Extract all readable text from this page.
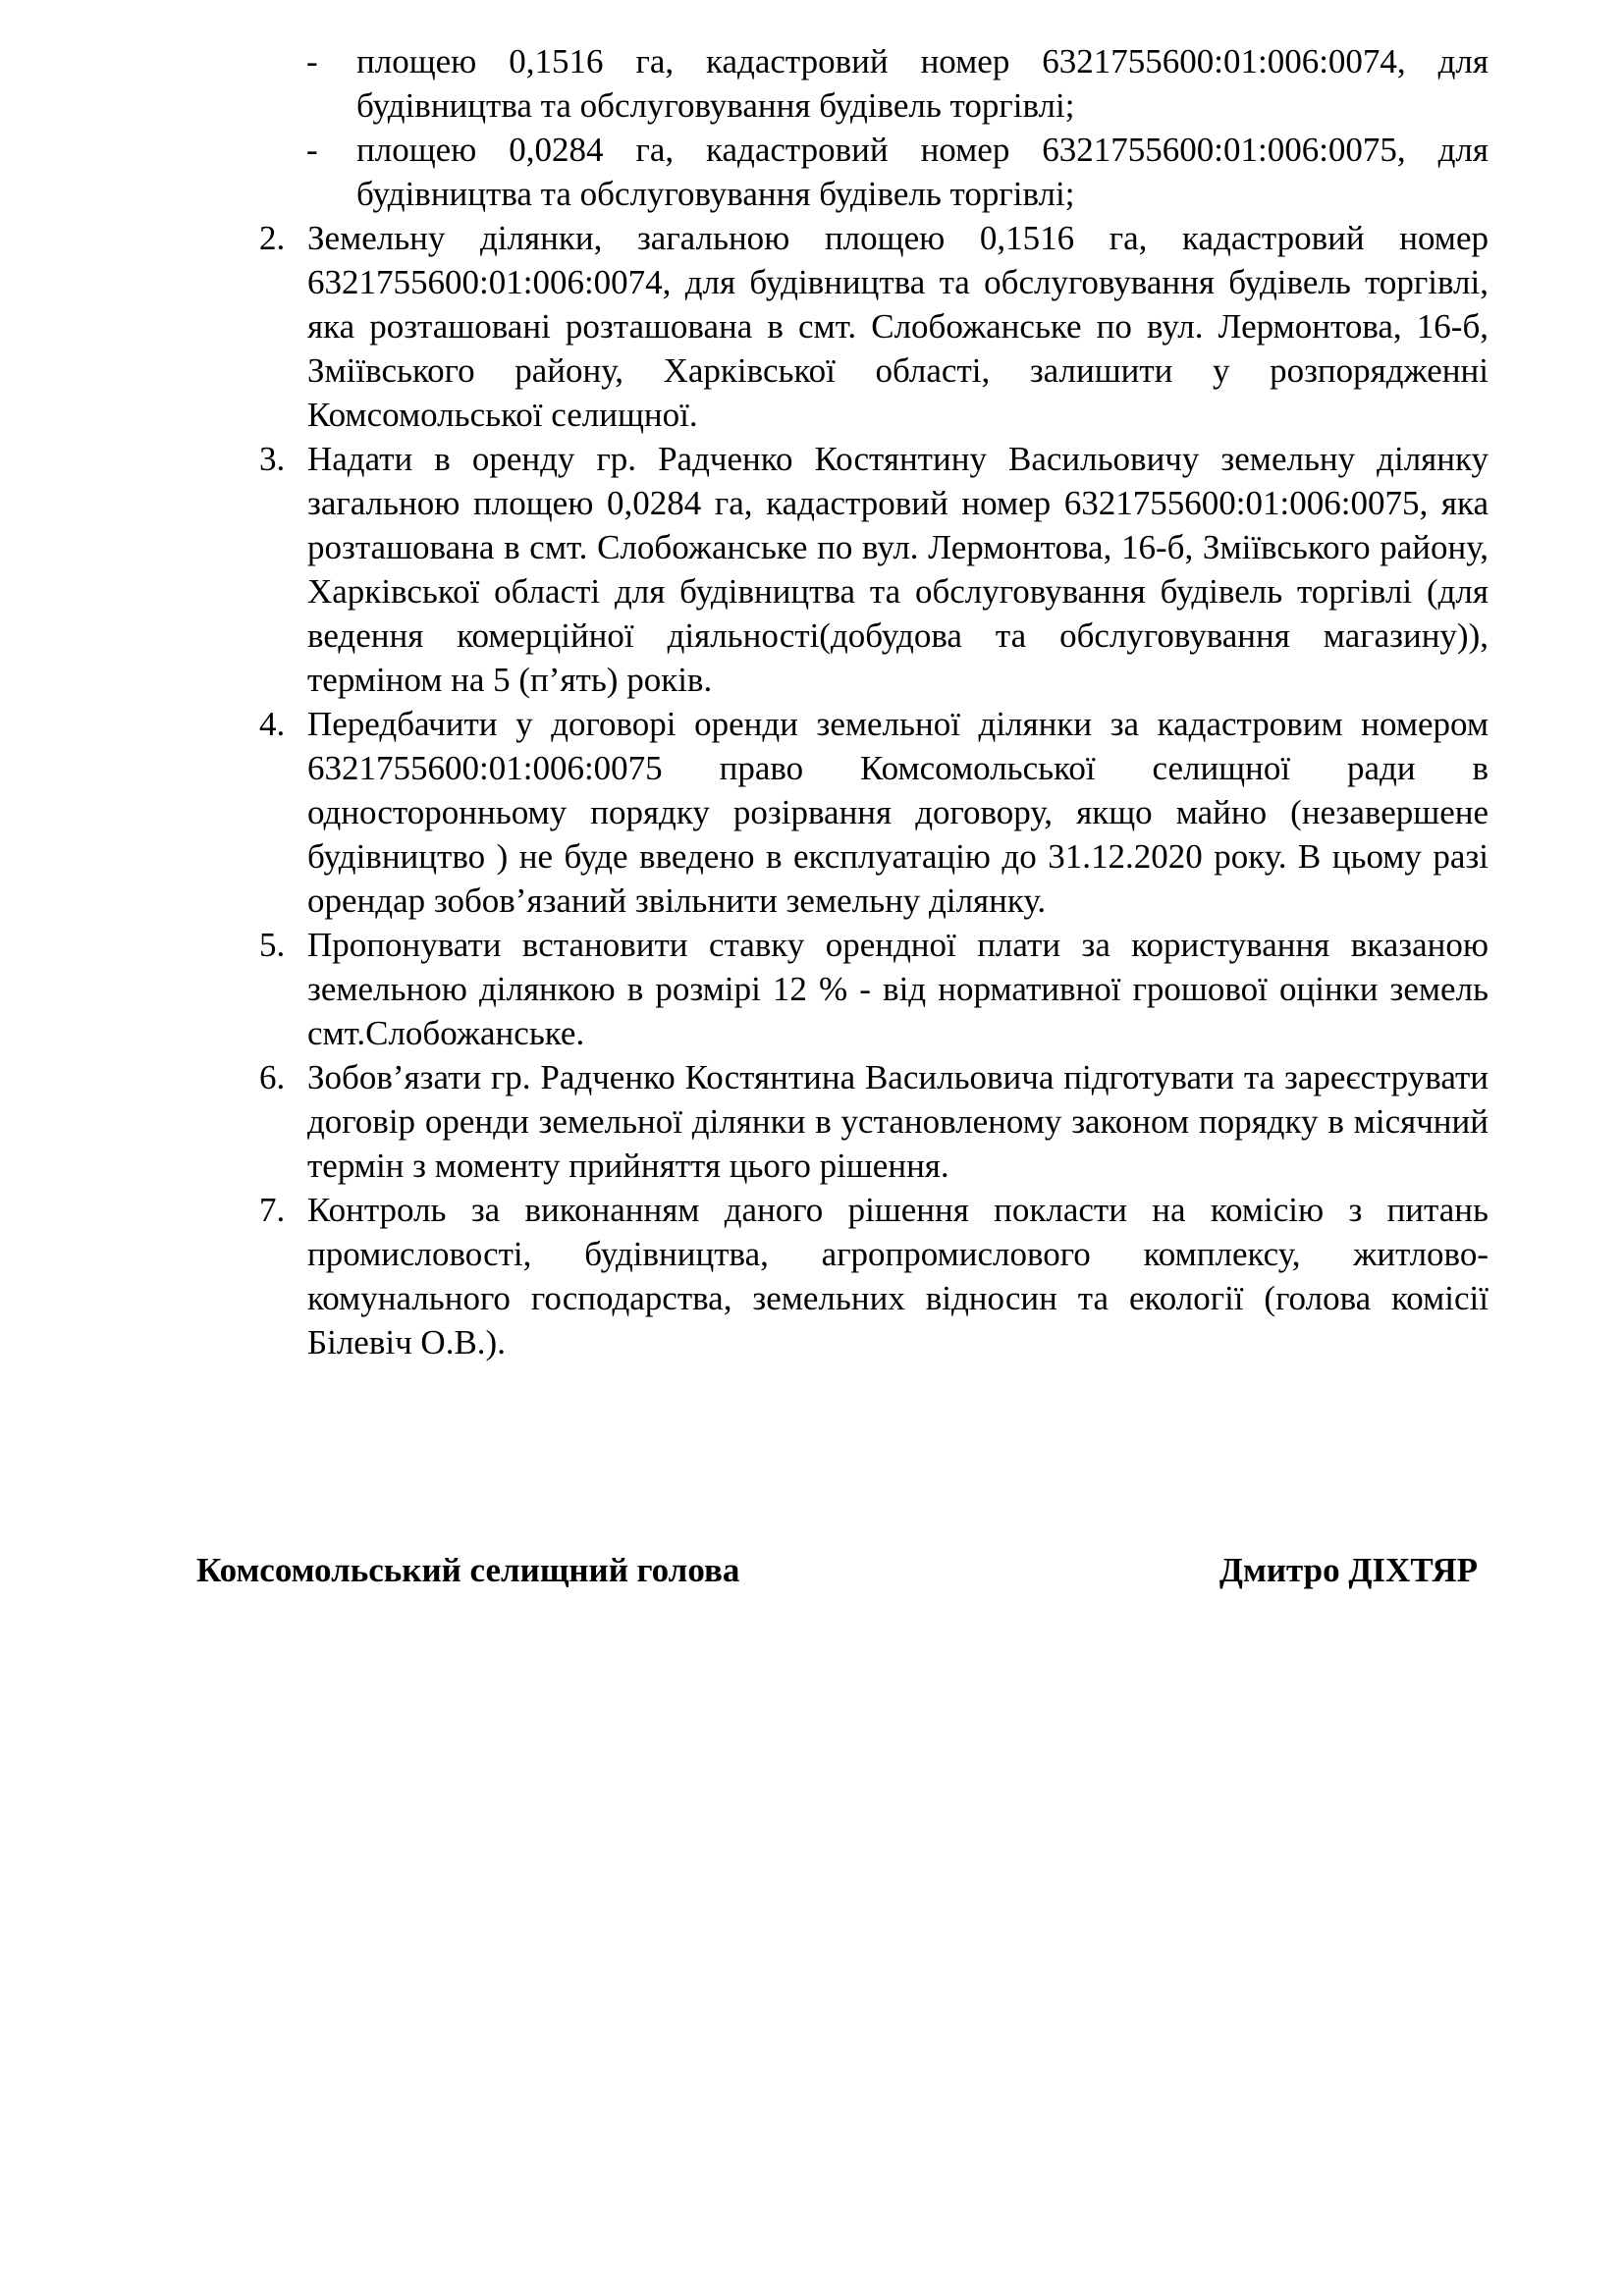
- площею 0,1516 га, кадастровий номер 6321755600:01:006:0074, для будівництва та обслуговування будівель торгівлі;
- площею 0,0284 га, кадастровий номер 6321755600:01:006:0075, для будівництва та обслуговування будівель торгівлі;
2. Земельну ділянки, загальною площею 0,1516 га, кадастровий номер 6321755600:01:006:0074, для будівництва та обслуговування будівель торгівлі, яка розташовані розташована в смт. Слобожанське по вул. Лермонтова, 16-б, Зміївського району, Харківської області, залишити у розпорядженні Комсомольської селищної.
3. Надати в оренду гр. Радченко Костянтину Васильовичу земельну ділянку загальною площею 0,0284 га, кадастровий номер 6321755600:01:006:0075, яка розташована в смт. Слобожанське по вул. Лермонтова, 16-б, Зміївського району, Харківської області для будівництва та обслуговування будівель торгівлі (для ведення комерційної діяльності(добудова та обслуговування магазину)), терміном на 5 (п’ять) років.
4. Передбачити у договорі оренди земельної ділянки за кадастровим номером 6321755600:01:006:0075 право Комсомольської селищної ради в односторонньому порядку розірвання договору, якщо майно (незавершене будівництво ) не буде введено в експлуатацію до 31.12.2020 року. В цьому разі орендар зобов’язаний звільнити земельну ділянку.
5. Пропонувати встановити ставку орендної плати за користування вказаною земельною ділянкою в розмірі 12 % - від нормативної грошової оцінки земель смт.Слобожанське.
6. Зобов’язати гр. Радченко Костянтина Васильовича підготувати та зареєструвати договір оренди земельної ділянки в установленому законом порядку в місячний термін з моменту прийняття цього рішення.
7. Контроль за виконанням даного рішення покласти на комісію з питань промисловості, будівництва, агропромислового комплексу, житлово-комунального господарства, земельних відносин та екології (голова комісії Білевіч О.В.).
Комсомольський селищний голова	Дмитро ДІХТЯР
